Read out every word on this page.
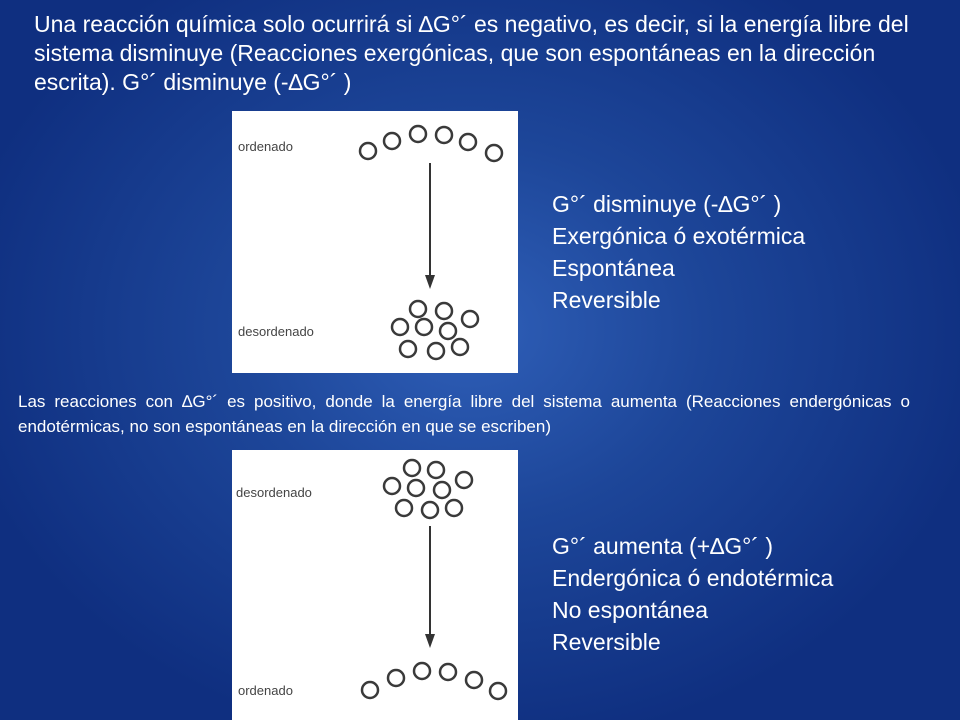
Una reacción química solo ocurrirá si ∆G°´ es negativo, es decir, si la energía libre del sistema disminuye (Reacciones exergónicas, que son espontáneas en la dirección escrita). G°´ disminuye (-∆G°´ )
ordenado
desordenado
G°´ disminuye (-∆G°´ )
Exergónica ó exotérmica
Espontánea
Reversible
Las reacciones con ∆G°´ es positivo, donde la energía libre del sistema aumenta (Reacciones endergónicas o endotérmicas, no son espontáneas en la dirección en que se escriben)
desordenado
ordenado
G°´ aumenta (+∆G°´ )
Endergónica ó endotérmica
No espontánea
Reversible
